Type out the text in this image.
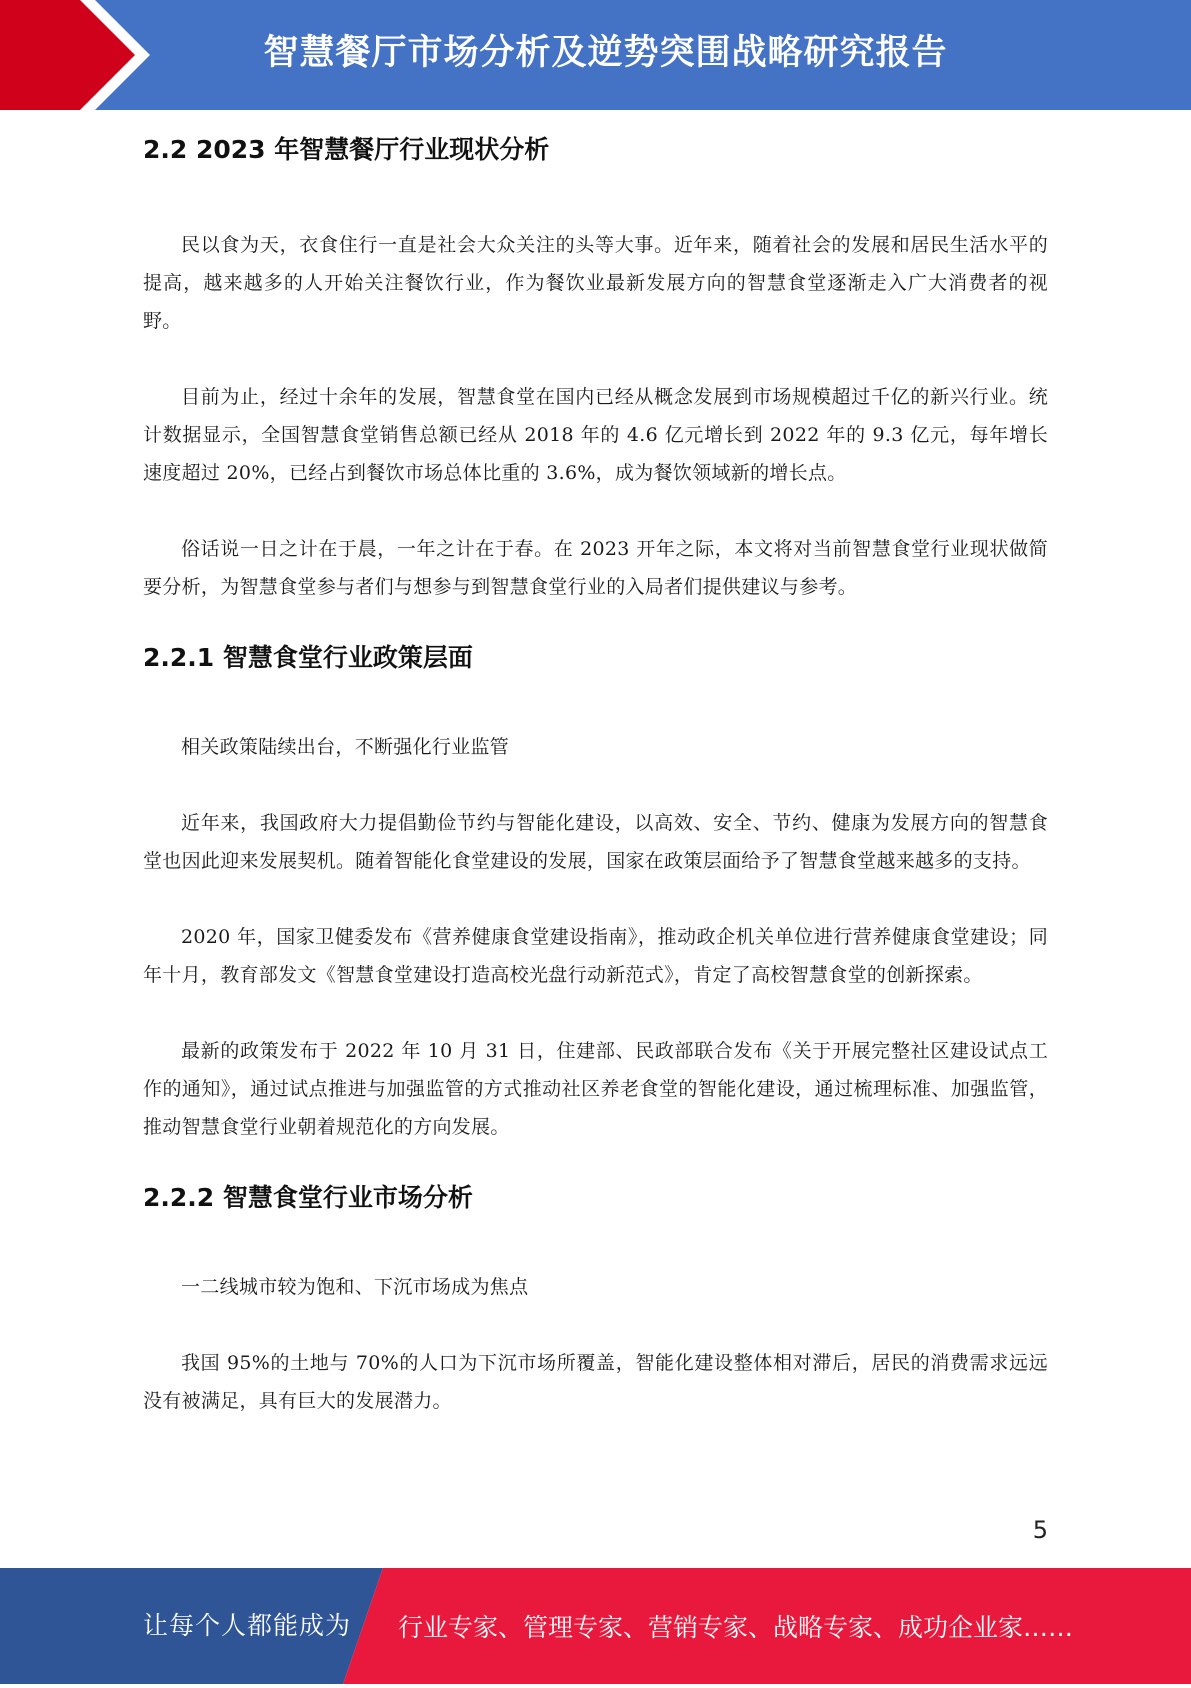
智慧餐厅市场分析及逆势突围战略研究报告
2.2 2023 年智慧餐厅行业现状分析

民以食为天，衣食住行一直是社会大众关注的头等大事。近年来，随着社会的发展和居民生活水平的提高，越来越多的人开始关注餐饮行业，作为餐饮业最新发展方向的智慧食堂逐渐走入广大消费者的视野。

目前为止，经过十余年的发展，智慧食堂在国内已经从概念发展到市场规模超过千亿的新兴行业。统计数据显示，全国智慧食堂销售总额已经从 2018 年的 4.6 亿元增长到 2022 年的 9.3 亿元，每年增长速度超过 20%，已经占到餐饮市场总体比重的 3.6%，成为餐饮领域新的增长点。

俗话说一日之计在于晨，一年之计在于春。在 2023 开年之际，本文将对当前智慧食堂行业现状做简要分析，为智慧食堂参与者们与想参与到智慧食堂行业的入局者们提供建议与参考。

2.2.1 智慧食堂行业政策层面

相关政策陆续出台，不断强化行业监管

近年来，我国政府大力提倡勤俭节约与智能化建设，以高效、安全、节约、健康为发展方向的智慧食堂也因此迎来发展契机。随着智能化食堂建设的发展，国家在政策层面给予了智慧食堂越来越多的支持。

2020 年，国家卫健委发布《营养健康食堂建设指南》，推动政企机关单位进行营养健康食堂建设；同年十月，教育部发文《智慧食堂建设打造高校光盘行动新范式》，肯定了高校智慧食堂的创新探索。

最新的政策发布于 2022 年 10 月 31 日，住建部、民政部联合发布《关于开展完整社区建设试点工作的通知》，通过试点推进与加强监管的方式推动社区养老食堂的智能化建设，通过梳理标准、加强监管，推动智慧食堂行业朝着规范化的方向发展。

2.2.2 智慧食堂行业市场分析

一二线城市较为饱和、下沉市场成为焦点

我国 95%的土地与 70%的人口为下沉市场所覆盖，智能化建设整体相对滞后，居民的消费需求远远没有被满足，具有巨大的发展潜力。

5
让每个人都能成为 行业专家、管理专家、营销专家、战略专家、成功企业家……
